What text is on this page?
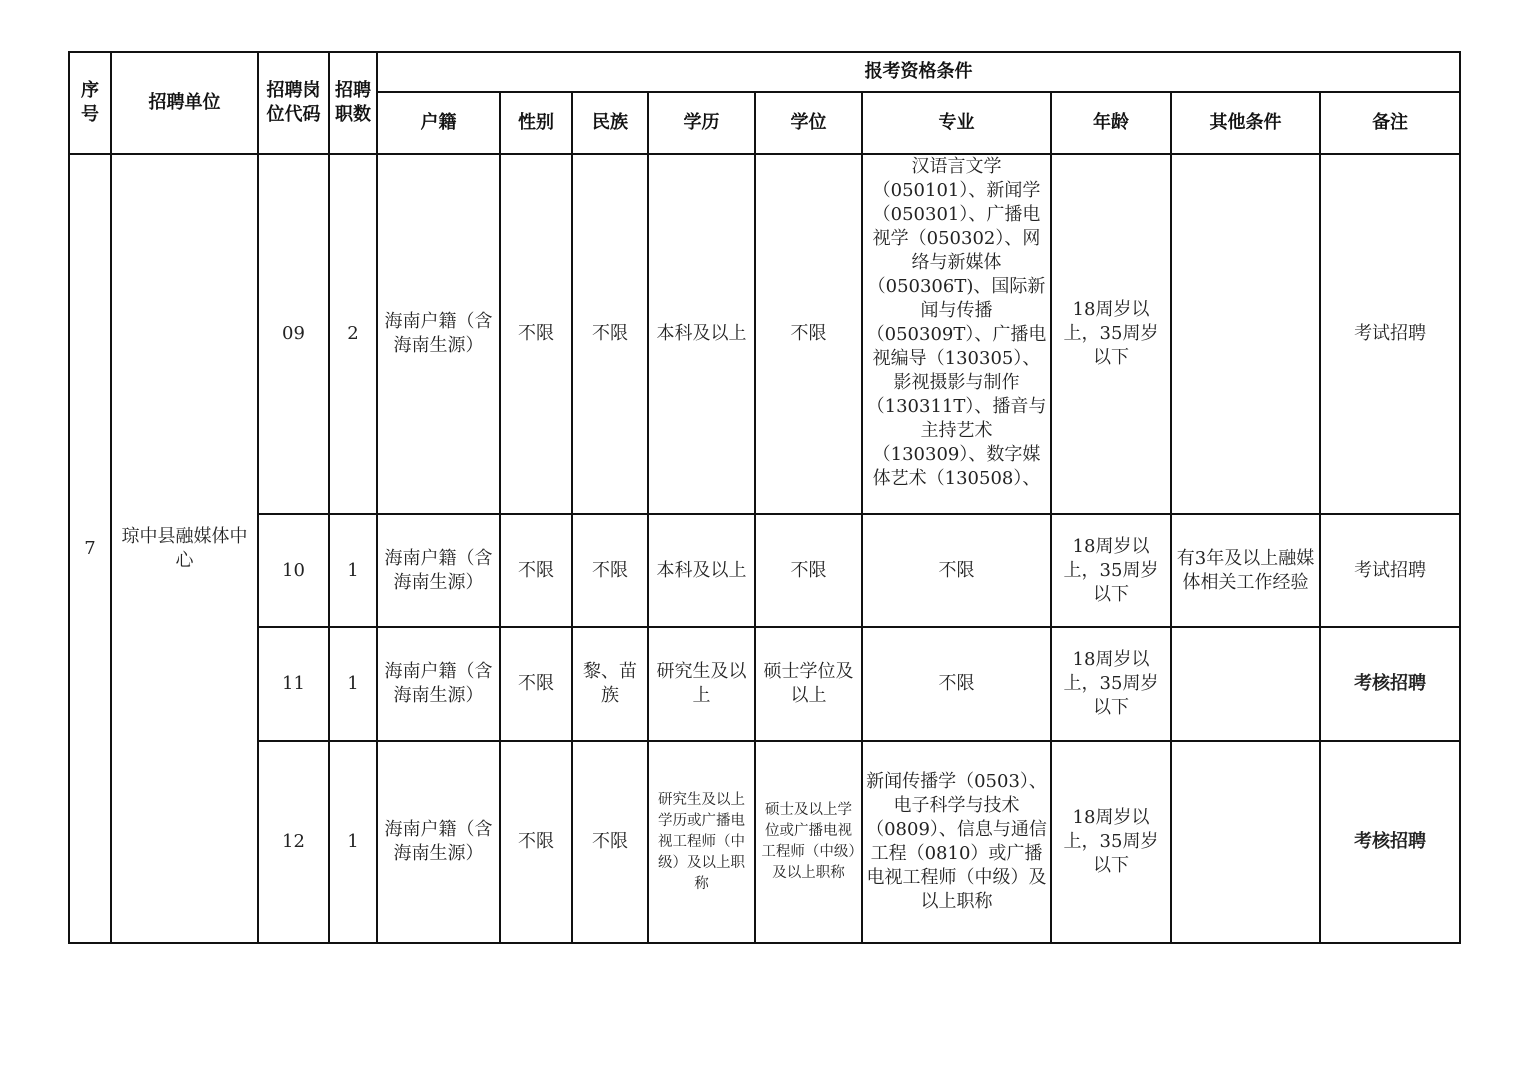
序号	招聘单位	招聘岗位代码	招聘职数	报考资格条件								
				户籍	性别	民族	学历	学位	专业	年龄	其他条件	备注
7	琼中县融媒体中心	09	2	海南户籍（含海南生源）	不限	不限	本科及以上	不限	汉语言文学（050101）、新闻学（050301）、广播电视学（050302）、网络与新媒体（050306T)、国际新闻与传播（050309T）、广播电视编导（130305）、影视摄影与制作（130311T）、播音与主持艺术（130309）、数字媒体艺术（130508）、	18周岁以上，35周岁以下		考试招聘
		10	1	海南户籍（含海南生源）	不限	不限	本科及以上	不限	不限	18周岁以上，35周岁以下	有3年及以上融媒体相关工作经验	考试招聘
		11	1	海南户籍（含海南生源）	不限	黎、苗族	研究生及以上	硕士学位及以上	不限	18周岁以上，35周岁以下		考核招聘
		12	1	海南户籍（含海南生源）	不限	不限	研究生及以上学历或广播电视工程师（中级）及以上职称	硕士及以上学位或广播电视工程师（中级）及以上职称	新闻传播学（0503）、电子科学与技术（0809）、信息与通信工程（0810）或广播电视工程师（中级）及以上职称	18周岁以上，35周岁以下		考核招聘
